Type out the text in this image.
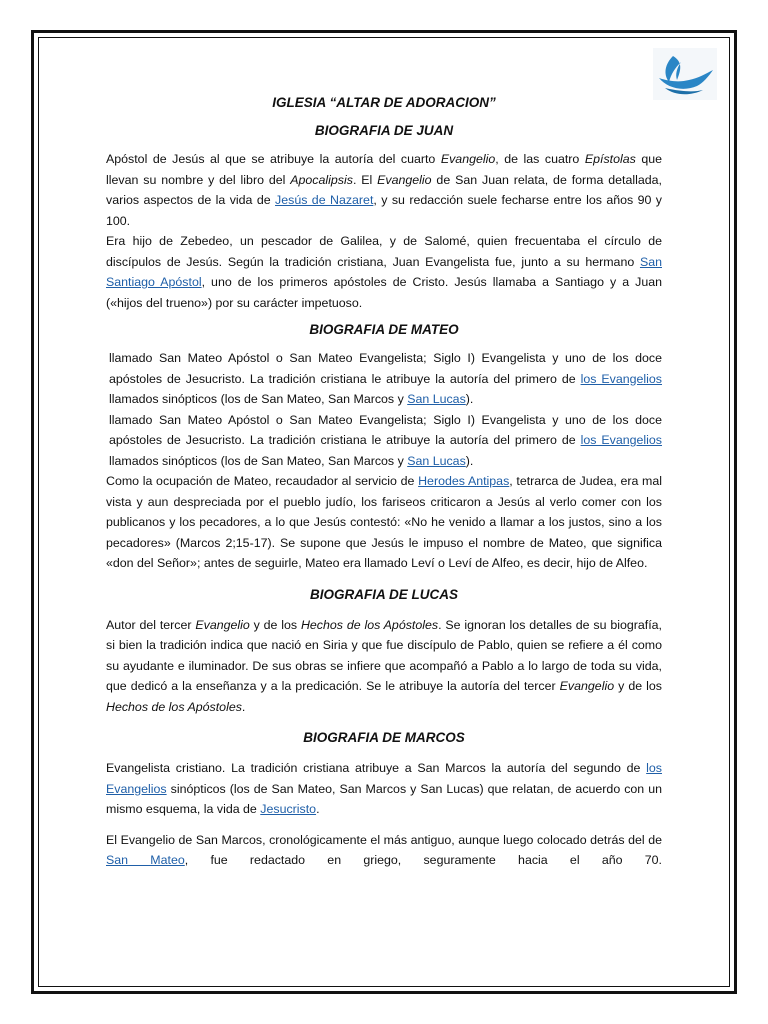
IGLESIA “ALTAR DE ADORACION”
BIOGRAFIA DE JUAN

Apóstol de Jesús al que se atribuye la autoría del cuarto Evangelio, de las cuatro Epístolas que llevan su nombre y del libro del Apocalipsis. El Evangelio de San Juan relata, de forma detallada, varios aspectos de la vida de Jesús de Nazaret, y su redacción suele fecharse entre los años 90 y 100.

Era hijo de Zebedeo, un pescador de Galilea, y de Salomé, quien frecuentaba el círculo de discípulos de Jesús. Según la tradición cristiana, Juan Evangelista fue, junto a su hermano San Santiago Apóstol, uno de los primeros apóstoles de Cristo. Jesús llamaba a Santiago y a Juan («hijos del trueno») por su carácter impetuoso.

BIOGRAFIA DE MATEO

llamado San Mateo Apóstol o San Mateo Evangelista; Siglo I) Evangelista y uno de los doce apóstoles de Jesucristo. La tradición cristiana le atribuye la autoría del primero de los Evangelios llamados sinópticos (los de San Mateo, San Marcos y San Lucas).

llamado San Mateo Apóstol o San Mateo Evangelista; Siglo I) Evangelista y uno de los doce apóstoles de Jesucristo. La tradición cristiana le atribuye la autoría del primero de los Evangelios llamados sinópticos (los de San Mateo, San Marcos y San Lucas).

Como la ocupación de Mateo, recaudador al servicio de Herodes Antipas, tetrarca de Judea, era mal vista y aun despreciada por el pueblo judío, los fariseos criticaron a Jesús al verlo comer con los publicanos y los pecadores, a lo que Jesús contestó: «No he venido a llamar a los justos, sino a los pecadores» (Marcos 2;15-17). Se supone que Jesús le impuso el nombre de Mateo, que significa «don del Señor»; antes de seguirle, Mateo era llamado Leví o Leví de Alfeo, es decir, hijo de Alfeo.

BIOGRAFIA DE LUCAS

Autor del tercer Evangelio y de los Hechos de los Apóstoles. Se ignoran los detalles de su biografía, si bien la tradición indica que nació en Siria y que fue discípulo de Pablo, quien se refiere a él como su ayudante e iluminador. De sus obras se infiere que acompañó a Pablo a lo largo de toda su vida, que dedicó a la enseñanza y a la predicación. Se le atribuye la autoría del tercer Evangelio y de los Hechos de los Apóstoles.

BIOGRAFIA DE MARCOS

Evangelista cristiano. La tradición cristiana atribuye a San Marcos la autoría del segundo de los Evangelios sinópticos (los de San Mateo, San Marcos y San Lucas) que relatan, de acuerdo con un mismo esquema, la vida de Jesucristo.

El Evangelio de San Marcos, cronológicamente el más antiguo, aunque luego colocado detrás del de San Mateo, fue redactado en griego, seguramente hacia el año 70.
